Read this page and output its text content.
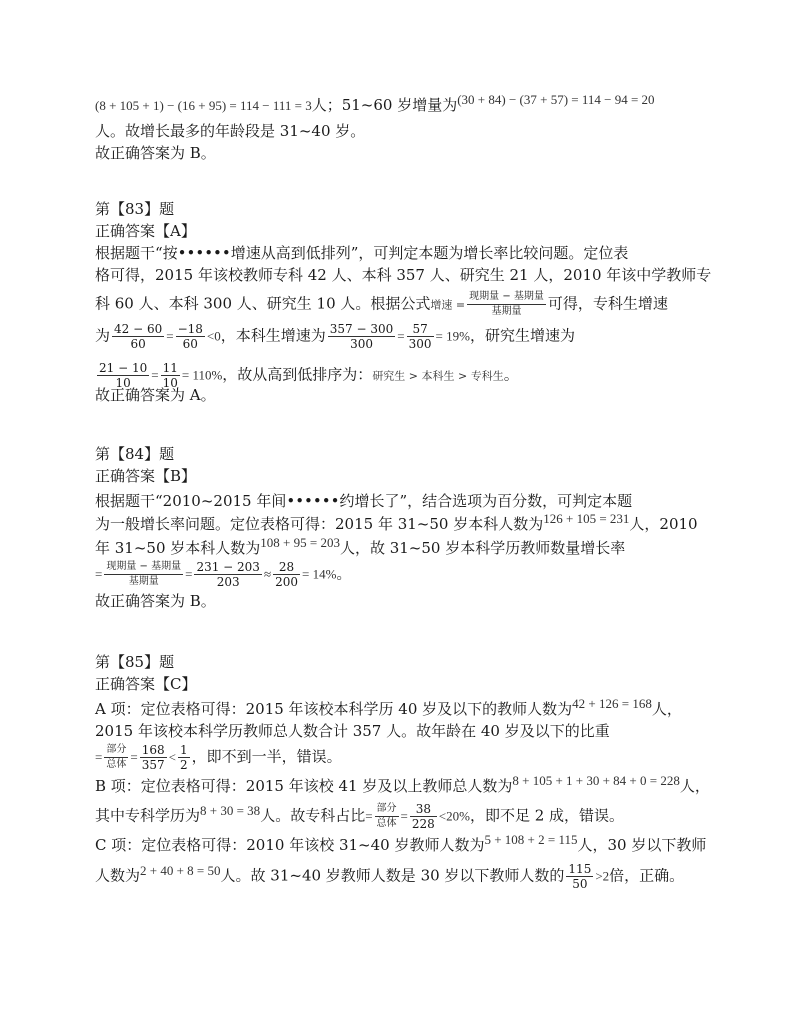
(8 + 105 + 1) − (16 + 95) = 114 − 111 = 3人；51~60 岁增量为(30 + 84) − (37 + 57) = 114 − 94 = 20
人。故增长最多的年龄段是 31~40 岁。
故正确答案为 B。
第【83】题
正确答案【A】
根据题干“按••••••增速从高到低排列”，可判定本题为增长率比较问题。定位表
格可得，2015 年该校教师专科 42 人、本科 357 人、研究生 21 人，2010 年该中学教师专
科 60 人、本科 300 人、研究生 10 人。根据公式增速 = $\frac{\text{现期量 − 基期量}}{\text{基期量}}$ 可得，专科生增速
为 $\frac{42 - 60}{60} = \frac{-18}{60} <0$，本科生增速为 $\frac{357 - 300}{300} = \frac{57}{300} = 19\%$，研究生增速为
$\frac{21 - 10}{10} = \frac{11}{10} = 110\%$，故从高到低排序为：研究生 > 本科生 > 专科生。
故正确答案为 A。
第【84】题
正确答案【B】
根据题干“2010~2015 年间••••••约增长了”，结合选项为百分数，可判定本题
为一般增长率问题。定位表格可得：2015 年 31~50 岁本科人数为126 + 105 = 231人，2010
年 31~50 岁本科人数为108 + 95 = 203人，故 31~50 岁本科学历教师数量增长率
= $\frac{\text{现期量 − 基期量}}{\text{基期量}} = \frac{231 - 203}{203} \approx \frac{28}{200} = 14\%$。
故正确答案为 B。
第【85】题
正确答案【C】
A 项：定位表格可得：2015 年该校本科学历 40 岁及以下的教师人数为42 + 126 = 168人，
2015 年该校本科学历教师总人数合计 357 人。故年龄在 40 岁及以下的比重
= $\frac{\text{部分}}{\text{总体}} = \frac{168}{357} < \frac{1}{2}$ ，即不到一半，错误。
B 项：定位表格可得：2015 年该校 41 岁及以上教师总人数为8 + 105 + 1 + 30 + 84 + 0 = 228人，
其中专科学历为8 + 30 = 38人。故专科占比= $\frac{\text{部分}}{\text{总体}} = \frac{38}{228} <20\%$，即不足 2 成，错误。
C 项：定位表格可得：2010 年该校 31~40 岁教师人数为5 + 108 + 2 = 115人，30 岁以下教师
人数为2 + 40 + 8 = 50人。故 31~40 岁教师人数是 30 岁以下教师人数的 $\frac{115}{50} >2$倍，正确。
